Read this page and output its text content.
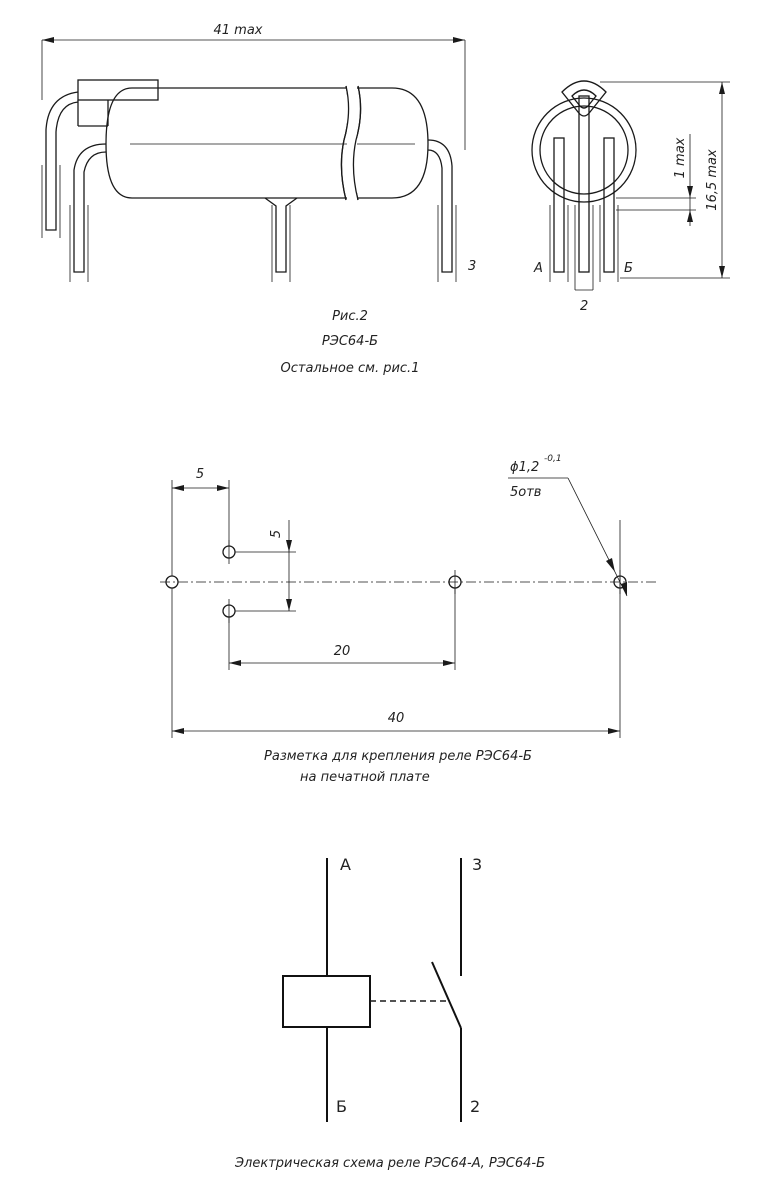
41 max
3
16,5 max
1 max
А	Б
2
Рис.2
РЭС64-Б
Остальное см. рис.1
5
5
20
40
ϕ1,2
-0,1
5отв
Разметка для крепления реле РЭС64-Б
на печатной плате
А	3
Б	2
Электрическая схема реле РЭС64-А, РЭС64-Б
